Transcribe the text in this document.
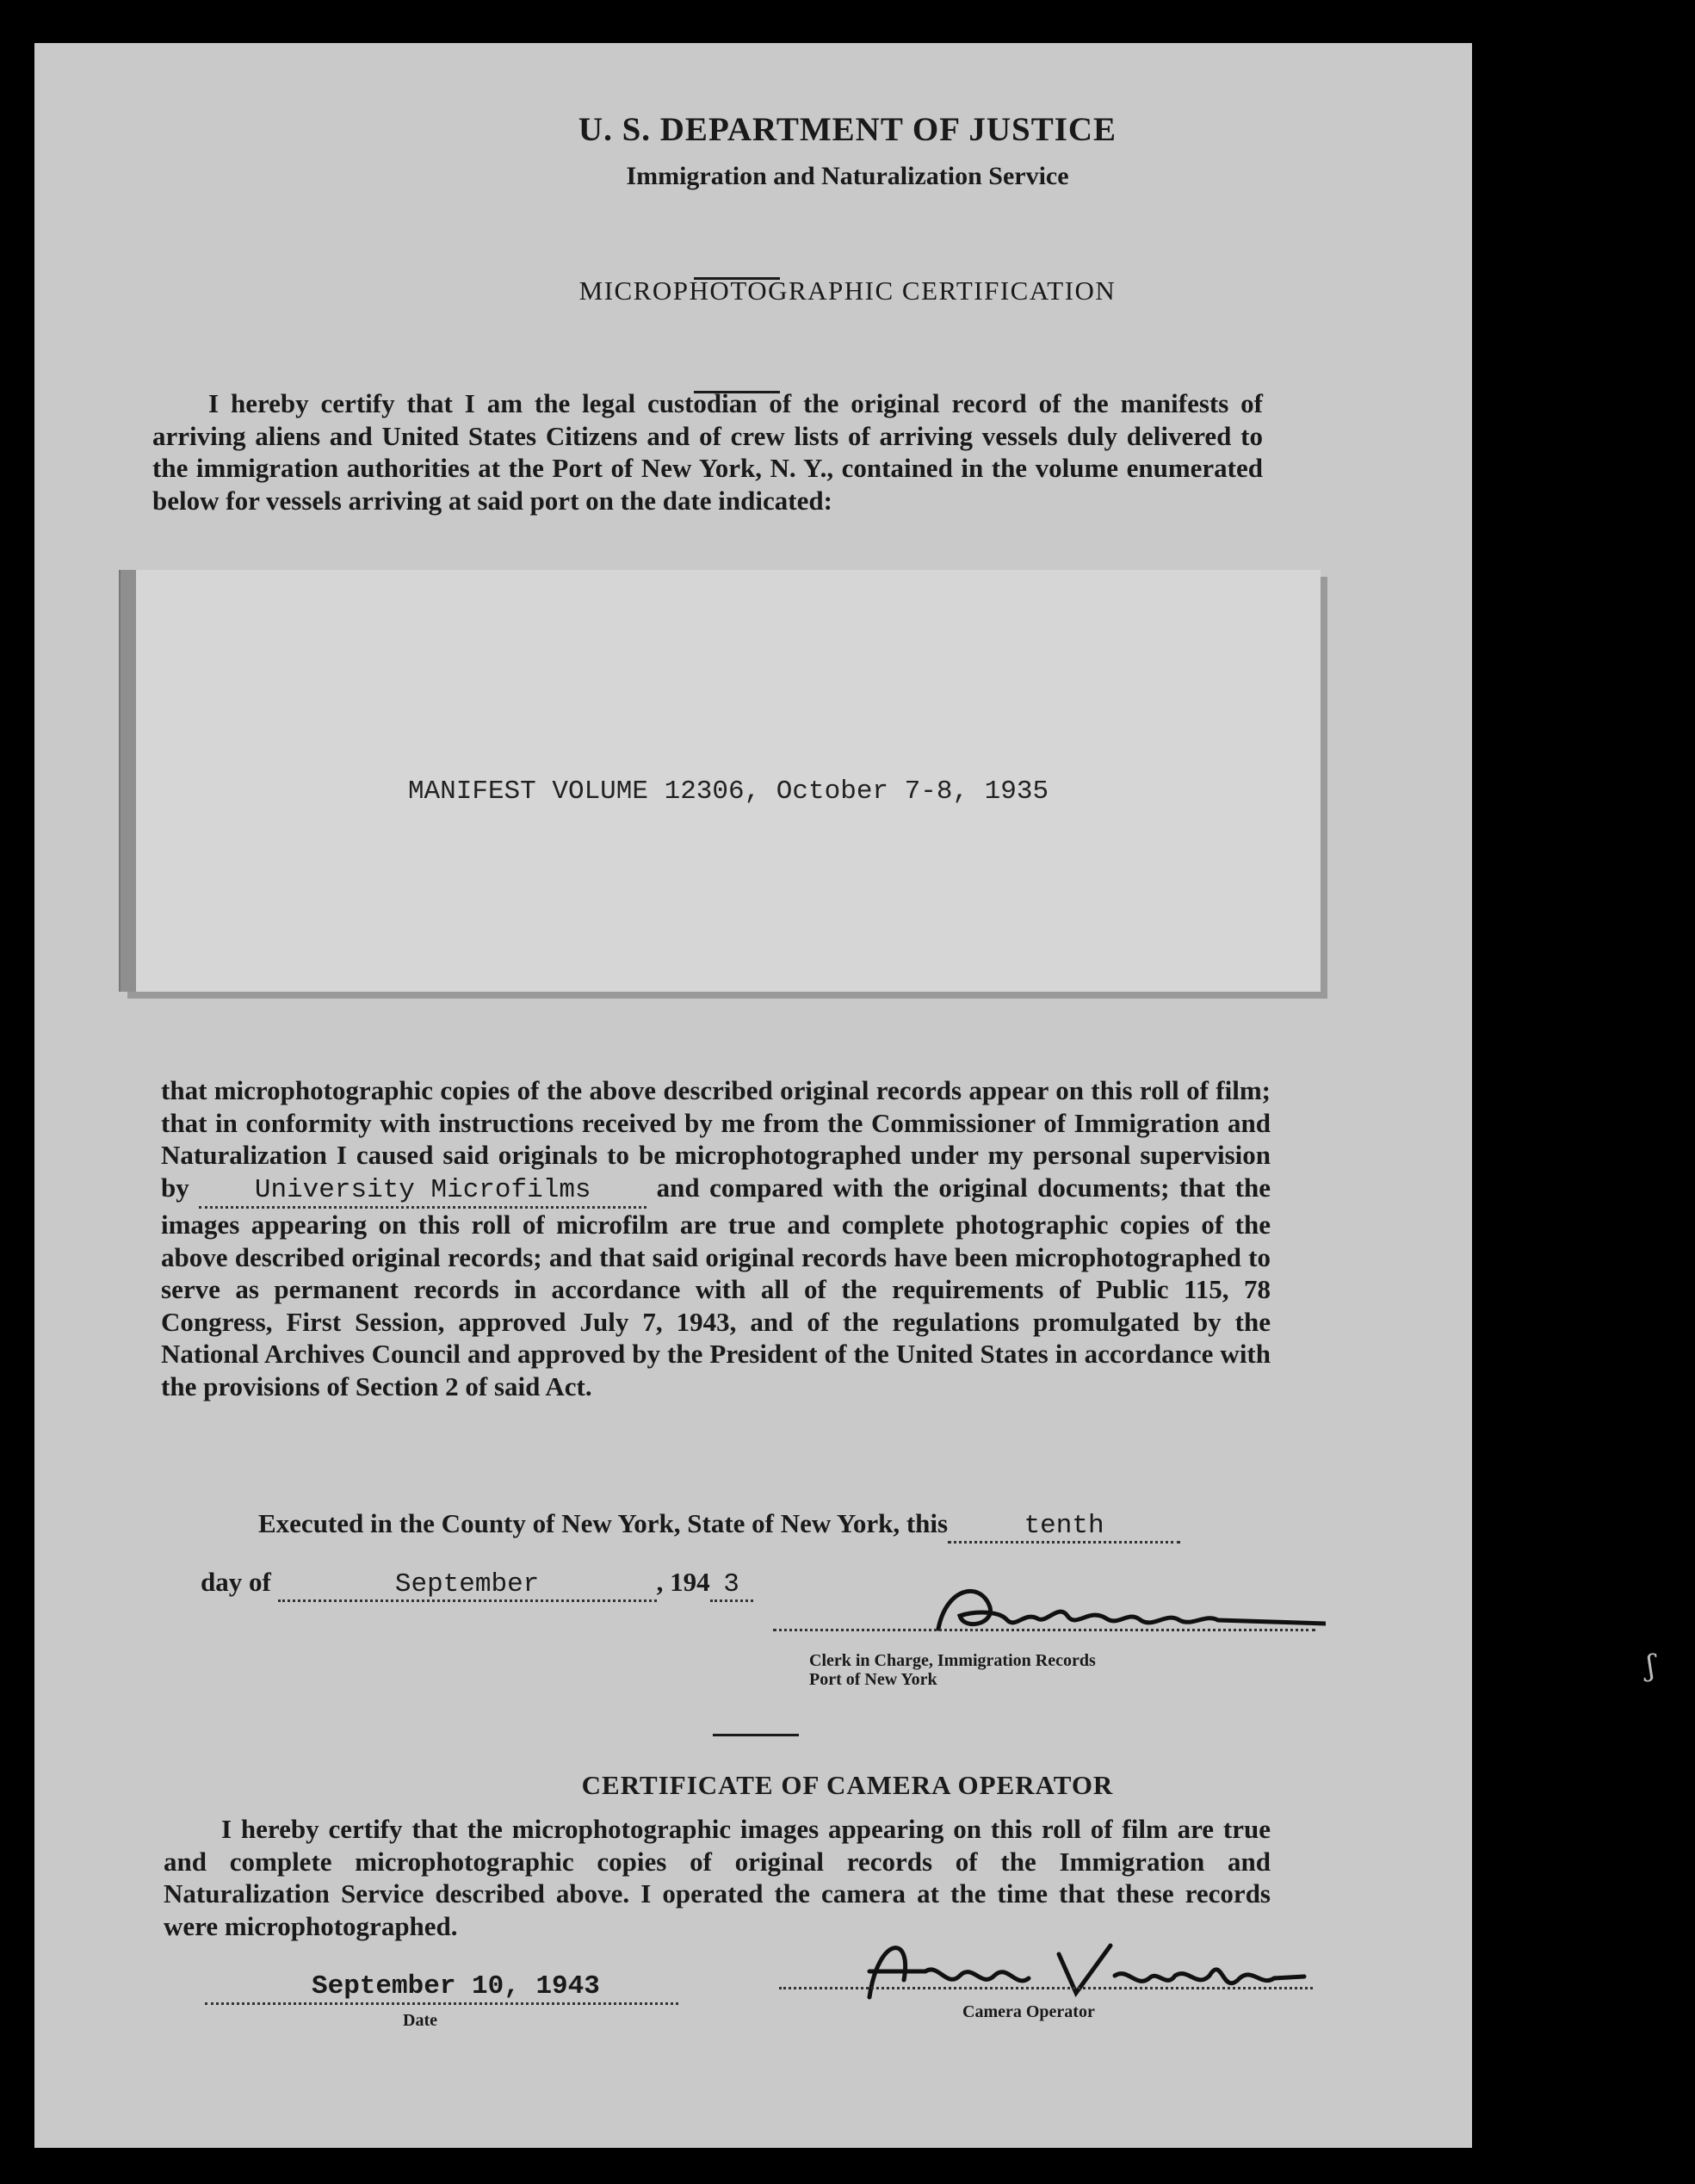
ʃ
U. S. DEPARTMENT OF JUSTICE
Immigration and Naturalization Service
MICROPHOTOGRAPHIC CERTIFICATION

I hereby certify that I am the legal custodian of the original record of the manifests of arriving aliens and United States Citizens and of crew lists of arriving vessels duly delivered to the immigration authorities at the Port of New York, N. Y., contained in the volume enumerated below for vessels arriving at said port on the date indicated:

MANIFEST VOLUME 12306, October 7-8, 1935

that microphotographic copies of the above described original records appear on this roll of film; that in conformity with instructions received by me from the Commissioner of Immigration and Naturalization I caused said originals to be microphotographed under my personal supervision by University Microfilms and compared with the original documents; that the images appearing on this roll of microfilm are true and complete photographic copies of the above described original records; and that said original records have been microphotographed to serve as permanent records in accordance with all of the requirements of Public 115, 78 Congress, First Session, approved July 7, 1943, and of the regulations promulgated by the National Archives Council and approved by the President of the United States in accordance with the provisions of Section 2 of said Act.

Executed in the County of New York, State of New York, this	tenth
day of	September	, 194 3
Clerk in Charge, Immigration Records
Port of New York
CERTIFICATE OF CAMERA OPERATOR

I hereby certify that the microphotographic images appearing on this roll of film are true and complete microphotographic copies of original records of the Immigration and Naturalization Service described above. I operated the camera at the time that these records were microphotographed.

September 10, 1943
Date	Camera Operator
